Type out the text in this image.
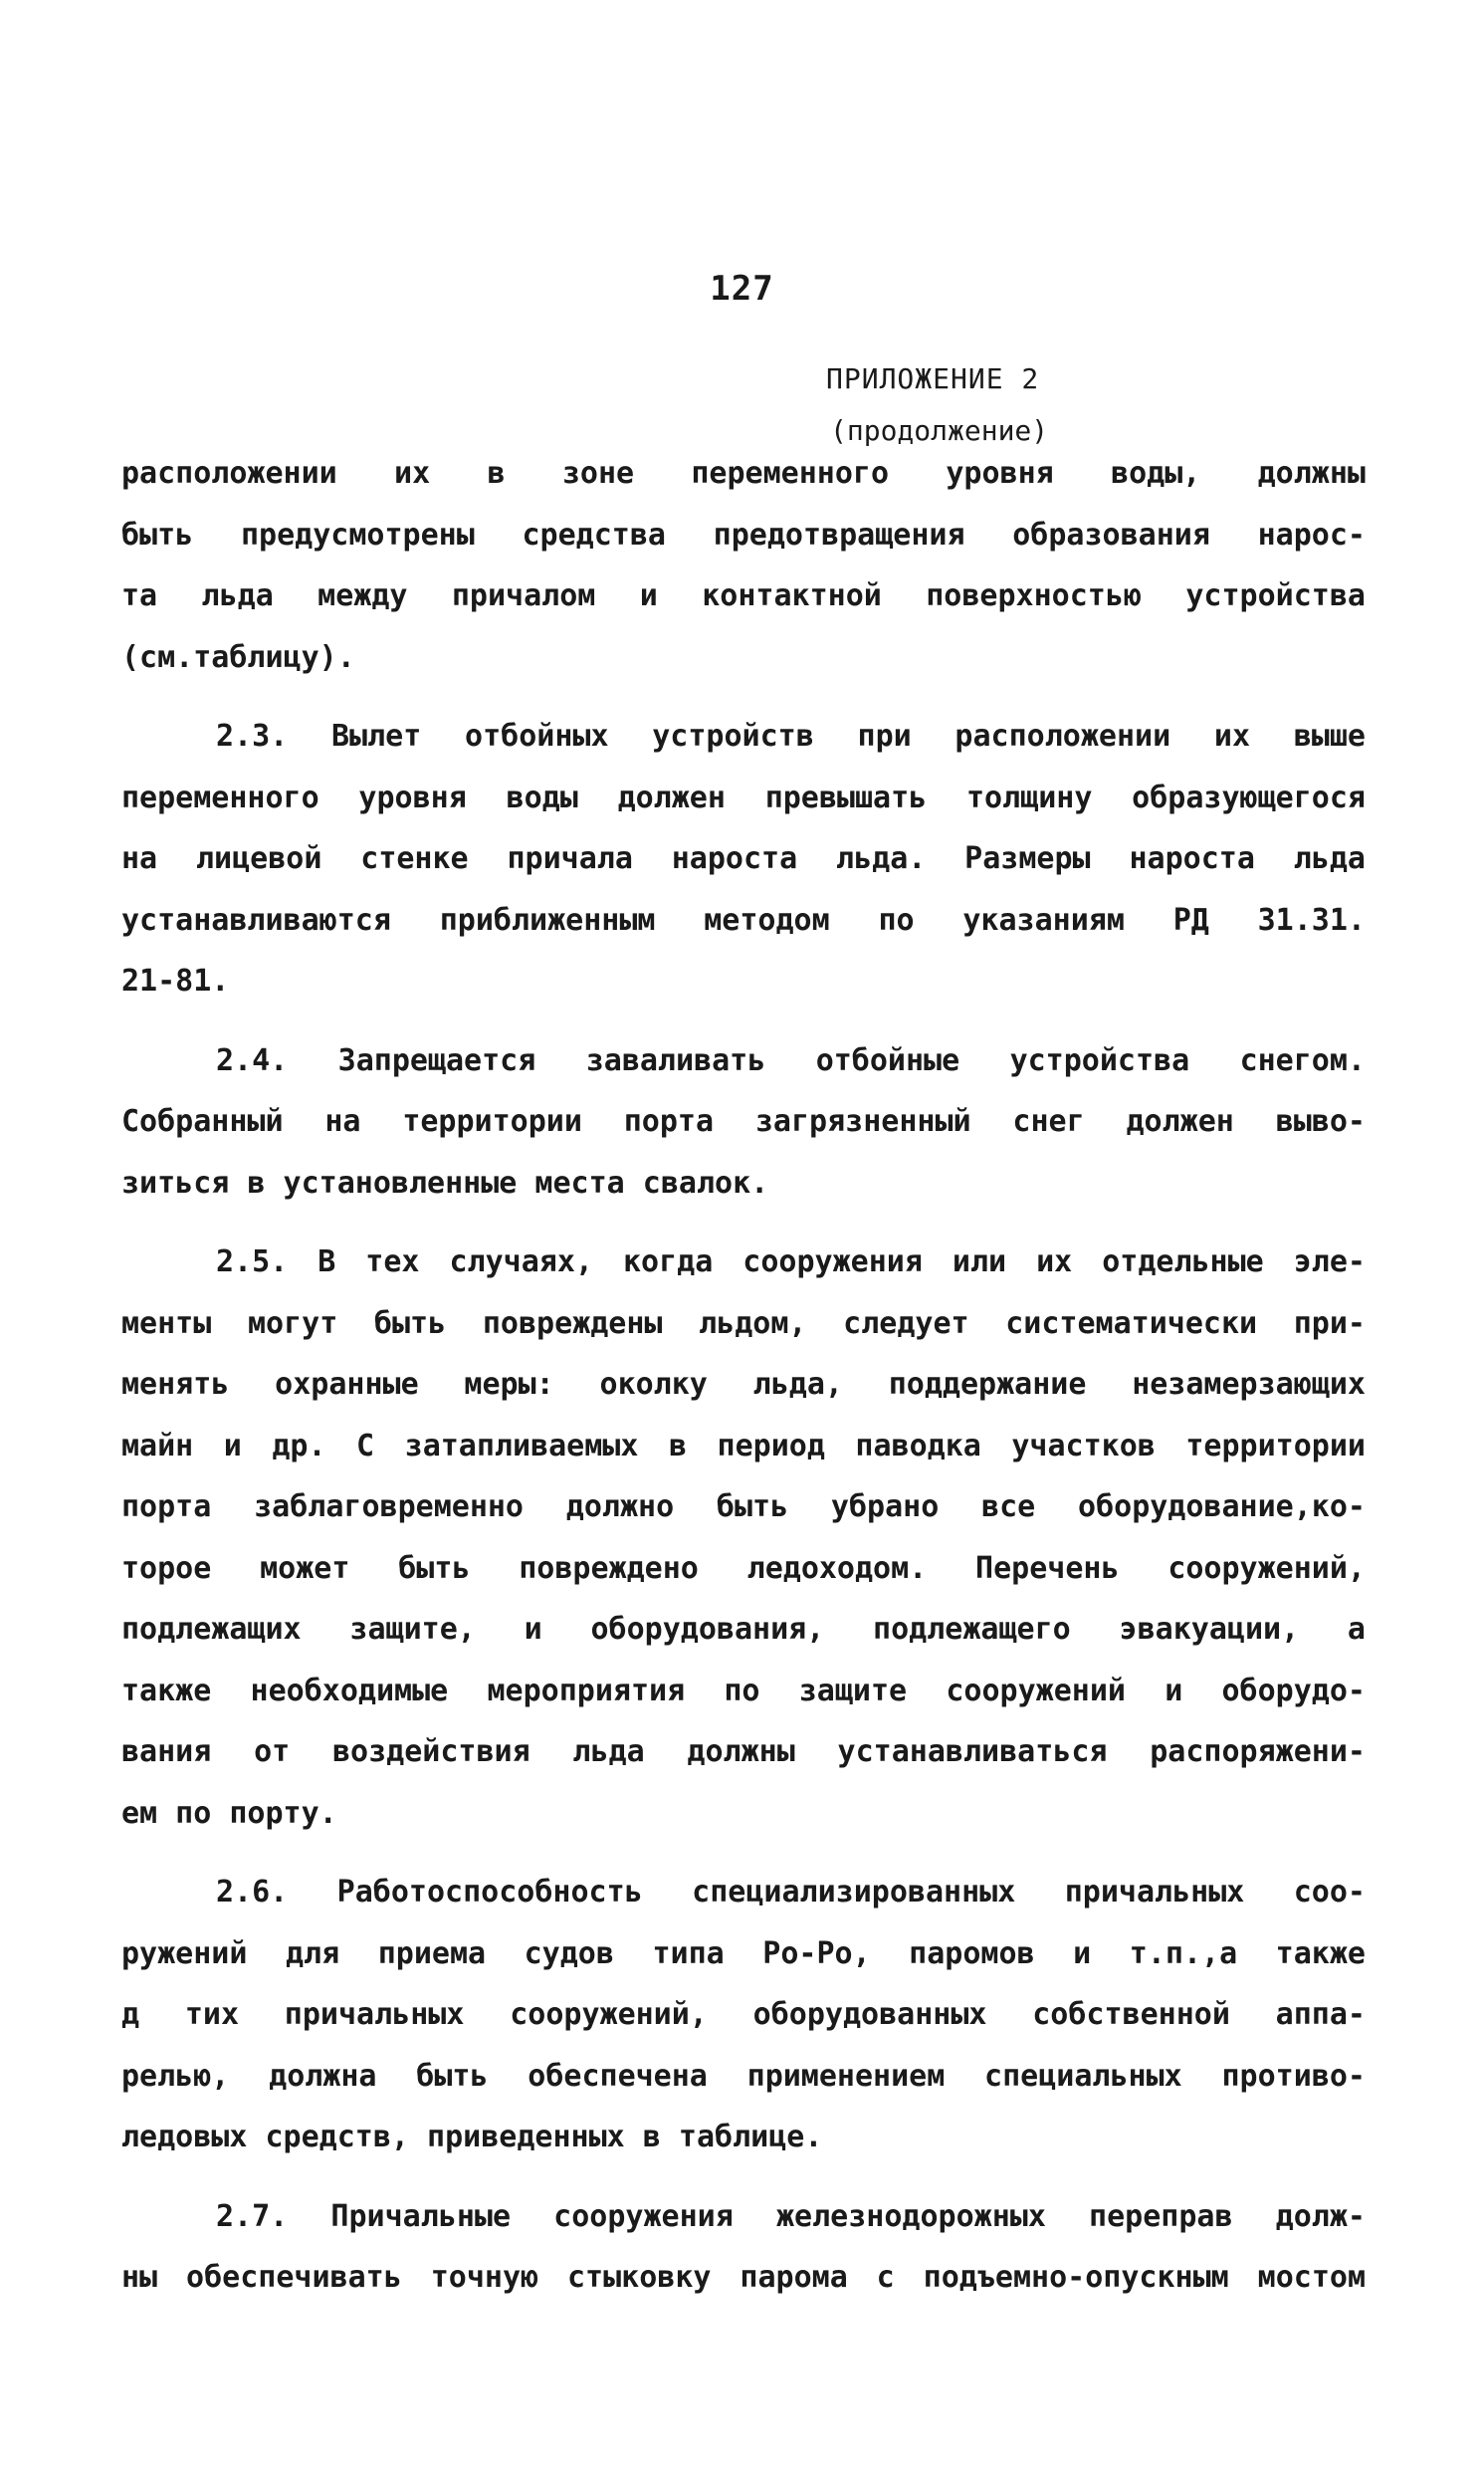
127
ПРИЛОЖЕНИЕ 2
(продолжение)
расположении их в зоне переменного уровня воды, должны
быть предусмотрены средства предотвращения образования нарос-
та льда между причалом и контактной поверхностью устройства
(см.таблицу).
2.3. Вылет отбойных устройств при расположении их выше
переменного уровня воды должен превышать толщину образующегося
на лицевой стенке причала нароста льда. Размеры нароста льда
устанавливаются приближенным методом по указаниям РД 31.31.
21-81.
2.4. Запрещается заваливать отбойные устройства снегом.
Собранный на территории порта загрязненный снег должен выво-
зиться в установленные места свалок.
2.5. В тех случаях, когда сооружения или их отдельные эле-
менты могут быть повреждены льдом, следует систематически при-
менять охранные меры: околку льда, поддержание незамерзающих
майн и др. С затапливаемых в период паводка участков территории
порта заблаговременно должно быть убрано все оборудование,ко-
торое может быть повреждено ледоходом. Перечень сооружений,
подлежащих защите, и оборудования, подлежащего эвакуации, а
также необходимые мероприятия по защите сооружений и оборудо-
вания от воздействия льда должны устанавливаться распоряжени-
ем по порту.
2.6. Работоспособность специализированных причальных соо-
ружений для приема судов типа Ро-Ро, паромов и т.п.,а также
д тих причальных сооружений, оборудованных собственной аппа-
релью, должна быть обеспечена применением специальных противо-
ледовых средств, приведенных в таблице.
2.7. Причальные сооружения железнодорожных переправ долж-
ны обеспечивать точную стыковку парома с подъемно-опускным мостом
